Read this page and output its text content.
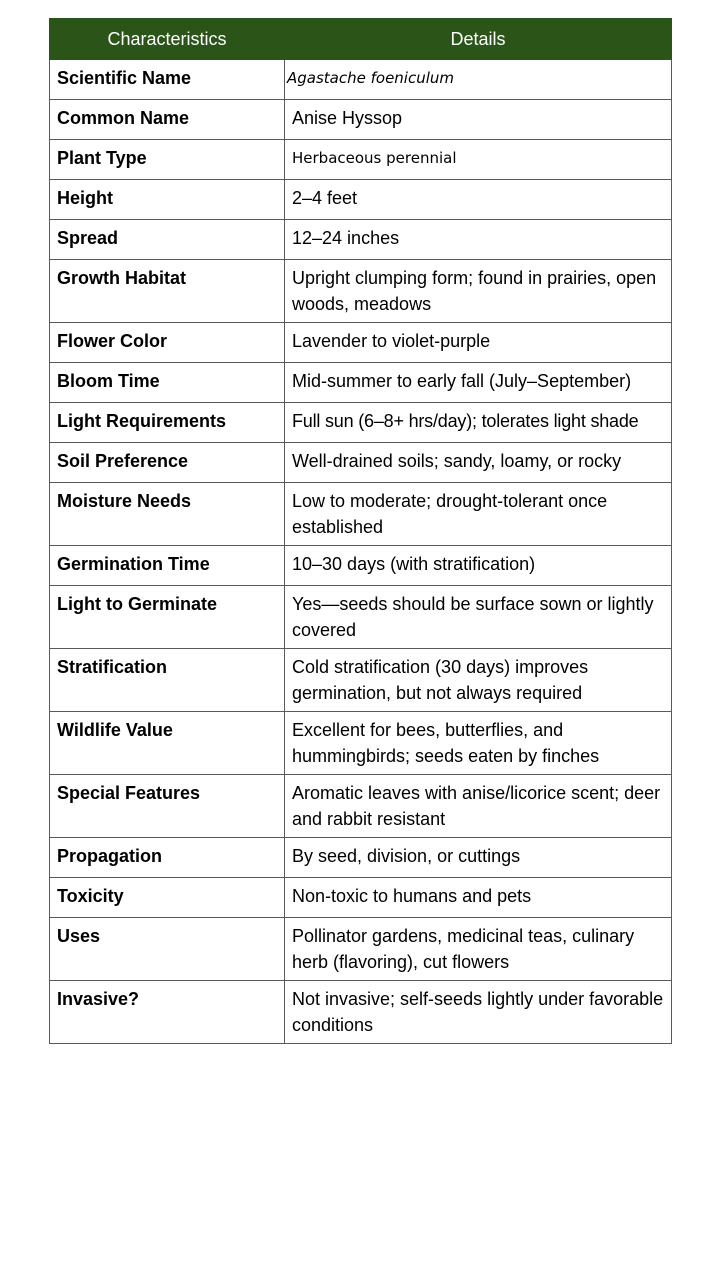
Characteristics	Details
Scientific Name	Agastache foeniculum
Common Name	Anise Hyssop
Plant Type	Herbaceous perennial
Height	2–4 feet
Spread	12–24 inches
Growth Habitat	Upright clumping form; found in prairies, open woods, meadows
Flower Color	Lavender to violet-purple
Bloom Time	Mid-summer to early fall (July–September)
Light Requirements	Full sun (6–8+ hrs/day); tolerates light shade
Soil Preference	Well-drained soils; sandy, loamy, or rocky
Moisture Needs	Low to moderate; drought-tolerant once established
Germination Time	10–30 days (with stratification)
Light to Germinate	Yes—seeds should be surface sown or lightly covered
Stratification	Cold stratification (30 days) improves germination, but not always required
Wildlife Value	Excellent for bees, butterflies, and hummingbirds; seeds eaten by finches
Special Features	Aromatic leaves with anise/licorice scent; deer and rabbit resistant
Propagation	By seed, division, or cuttings
Toxicity	Non-toxic to humans and pets
Uses	Pollinator gardens, medicinal teas, culinary herb (flavoring), cut flowers
Invasive?	Not invasive; self-seeds lightly under favorable conditions
